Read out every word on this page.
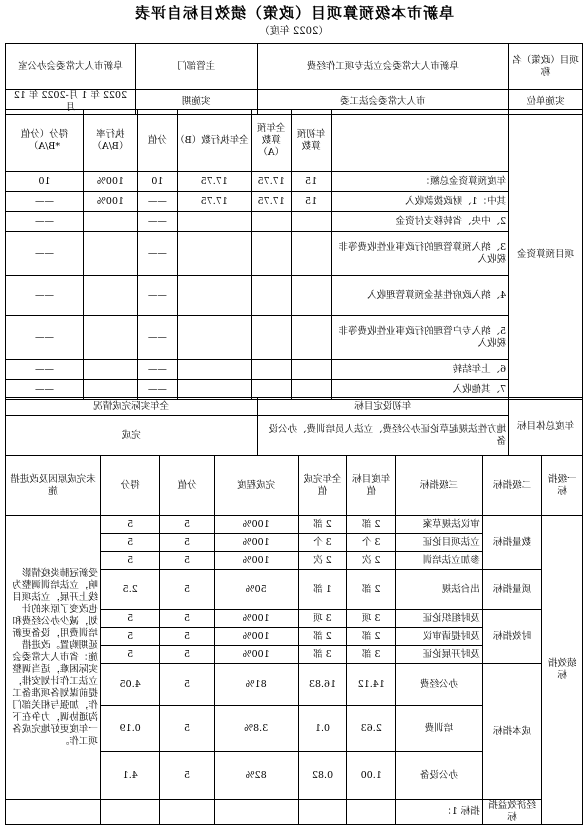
阜新市本级预算项目（政策）绩效目标自评表
（2022 年度）
项目（政策）名称	阜新市人大常委会立法专项工作经费	主管部门	阜新市人大常委会办公室
实施单位	市人大常委会法工委	实施期	2022 年 1 月-2022 年 12 月
项目预算资金		年初预算数	全年预算数（A）	全年执行数（B）	分值	执行率（B/A）	得分（分值*B/A）
	年度预算资金总额：	15	17.75	17.75	10	100%	10
	其中：1、财政拨款收入	15	17.75	17.75	——	100%	——
	2、中央、省转移支付资金				——		——
	3、纳入预算管理的行政事业性收费等非税收入				——		——
	4、纳入政府性基金预算管理收入				——		——
	5、纳入专户管理的行政事业性收费等非税收入				——		——
	6、上年结转				——		——
	7、其他收入				——		——
年度总体目标	年初设定目标	全年实际完成情况
	地方性法规起草论证办公经费、立法人员培训费、办公设备	完成
一级指标	二级指标	三级指标	年度目标值	全年完成值	完成程度	分值	得分	未完成原因及改进措施
绩效指标	数量指标	审议法规草案	2 部	2 部	100%	5	5	受新冠肺炎疫情影响，立法培训调整为线上开展，立法项目也改变了原来的计划，减少办公经费和培训费用，设备更新延期购置。改进措施：省市人大常委会实际困难，适当调整立法工作计划安排，提前谋划各项准备工作，加强与相关部门沟通协调，力争在下一年度更好地完成各项工作。
		立法项目论证	3 个	3 个	100%	5	5	
		参加立法培训	2 次	2 次	100%	5	5	
	质量指标	出台法规	2 部	1 部	50%	5	2.5	
	时效指标	及时组织论证	3 项	3 项	100%	5	5	
		及时提请审议	2 部	2 部	100%	5	5	
		及时开展论证	3 部	3 部	100%	5	5	
	成本指标	办公经费	14.12	16.83	81%	5	4.05	
		培训费	2.63	0.1	3.8%	5	0.19	
		办公设备	1.00	0.82	82%	5	4.1	
	经济效益指标	指标 1：						
